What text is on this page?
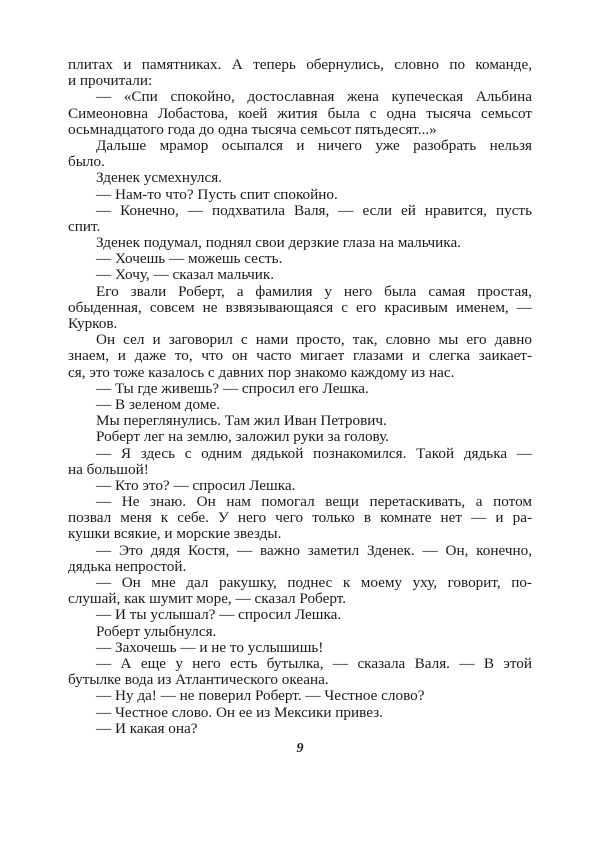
плитах и памятниках. А теперь обернулись, словно по команде,
и прочитали:
— «Спи спокойно, достославная жена купеческая Альбина
Симеоновна Лобастова, коей жития была с одна тысяча семьсот
осьмнадцатого года до одна тысяча семьсот пятьдесят...»
Дальше мрамор осыпался и ничего уже разобрать нельзя
было.
Зденек усмехнулся.
— Нам-то что? Пусть спит спокойно.
— Конечно, — подхватила Валя, — если ей нравится, пусть
спит.
Зденек подумал, поднял свои дерзкие глаза на мальчика.
— Хочешь — можешь сесть.
— Хочу, — сказал мальчик.
Его звали Роберт, а фамилия у него была самая простая,
обыденная, совсем не взвязывающаяся с его красивым именем, —
Курков.
Он сел и заговорил с нами просто, так, словно мы его давно
знаем, и даже то, что он часто мигает глазами и слегка заикает-
ся, это тоже казалось с давних пор знакомо каждому из нас.
— Ты где живешь? — спросил его Лешка.
— В зеленом доме.
Мы переглянулись. Там жил Иван Петрович.
Роберт лег на землю, заложил руки за голову.
— Я здесь с одним дядькой познакомился. Такой дядька —
на большой!
— Кто это? — спросил Лешка.
— Не знаю. Он нам помогал вещи перетаскивать, а потом
позвал меня к себе. У него чего только в комнате нет — и ра-
кушки всякие, и морские звезды.
— Это дядя Костя, — важно заметил Зденек. — Он, конечно,
дядька непростой.
— Он мне дал ракушку, поднес к моему уху, говорит, по-
слушай, как шумит море, — сказал Роберт.
— И ты услышал? — спросил Лешка.
Роберт улыбнулся.
— Захочешь — и не то услышишь!
— А еще у него есть бутылка, — сказала Валя. — В этой
бутылке вода из Атлантического океана.
— Ну да! — не поверил Роберт. — Честное слово?
— Честное слово. Он ее из Мексики привез.
— И какая она?
9
